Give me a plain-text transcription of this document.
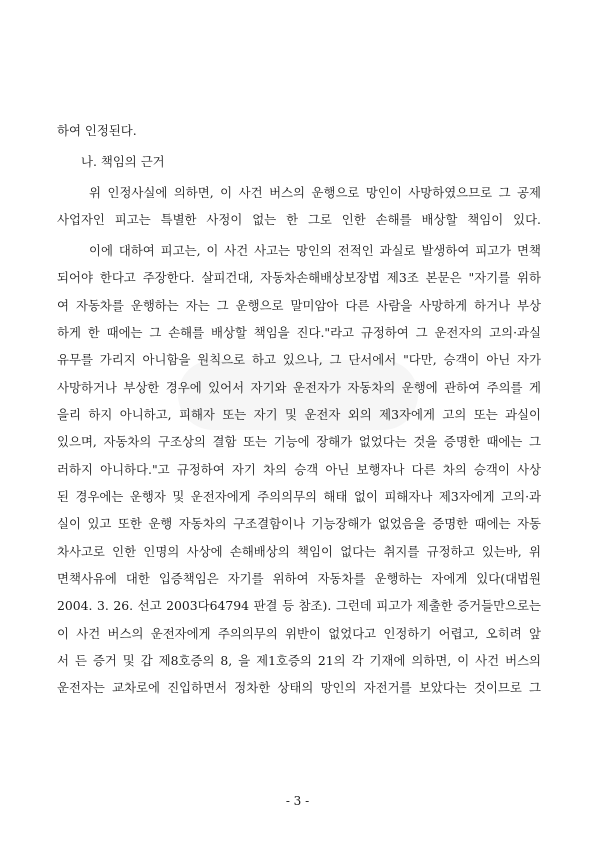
하여 인정된다.
나. 책임의 근거
위 인정사실에 의하면, 이 사건 버스의 운행으로 망인이 사망하였으므로 그 공제
사업자인 피고는 특별한 사정이 없는 한 그로 인한 손해를 배상할 책임이 있다.
이에 대하여 피고는, 이 사건 사고는 망인의 전적인 과실로 발생하여 피고가 면책
되어야 한다고 주장한다. 살피건대, 자동차손해배상보장법 제3조 본문은 "자기를 위하
여 자동차를 운행하는 자는 그 운행으로 말미암아 다른 사람을 사망하게 하거나 부상
하게 한 때에는 그 손해를 배상할 책임을 진다."라고 규정하여 그 운전자의 고의·과실
유무를 가리지 아니함을 원칙으로 하고 있으나, 그 단서에서 "다만, 승객이 아닌 자가
사망하거나 부상한 경우에 있어서 자기와 운전자가 자동차의 운행에 관하여 주의를 게
을리 하지 아니하고, 피해자 또는 자기 및 운전자 외의 제3자에게 고의 또는 과실이
있으며, 자동차의 구조상의 결함 또는 기능에 장해가 없었다는 것을 증명한 때에는 그
러하지 아니하다."고 규정하여 자기 차의 승객 아닌 보행자나 다른 차의 승객이 사상
된 경우에는 운행자 및 운전자에게 주의의무의 해태 없이 피해자나 제3자에게 고의·과
실이 있고 또한 운행 자동차의 구조결함이나 기능장해가 없었음을 증명한 때에는 자동
차사고로 인한 인명의 사상에 손해배상의 책임이 없다는 취지를 규정하고 있는바, 위
면책사유에 대한 입증책임은 자기를 위하여 자동차를 운행하는 자에게 있다(대법원
2004. 3. 26. 선고 2003다64794 판결 등 참조). 그런데 피고가 제출한 증거들만으로는
이 사건 버스의 운전자에게 주의의무의 위반이 없었다고 인정하기 어렵고, 오히려 앞
서 든 증거 및 갑 제8호증의 8, 을 제1호증의 21의 각 기재에 의하면, 이 사건 버스의
운전자는 교차로에 진입하면서 정차한 상태의 망인의 자전거를 보았다는 것이므로 그
- 3 -
